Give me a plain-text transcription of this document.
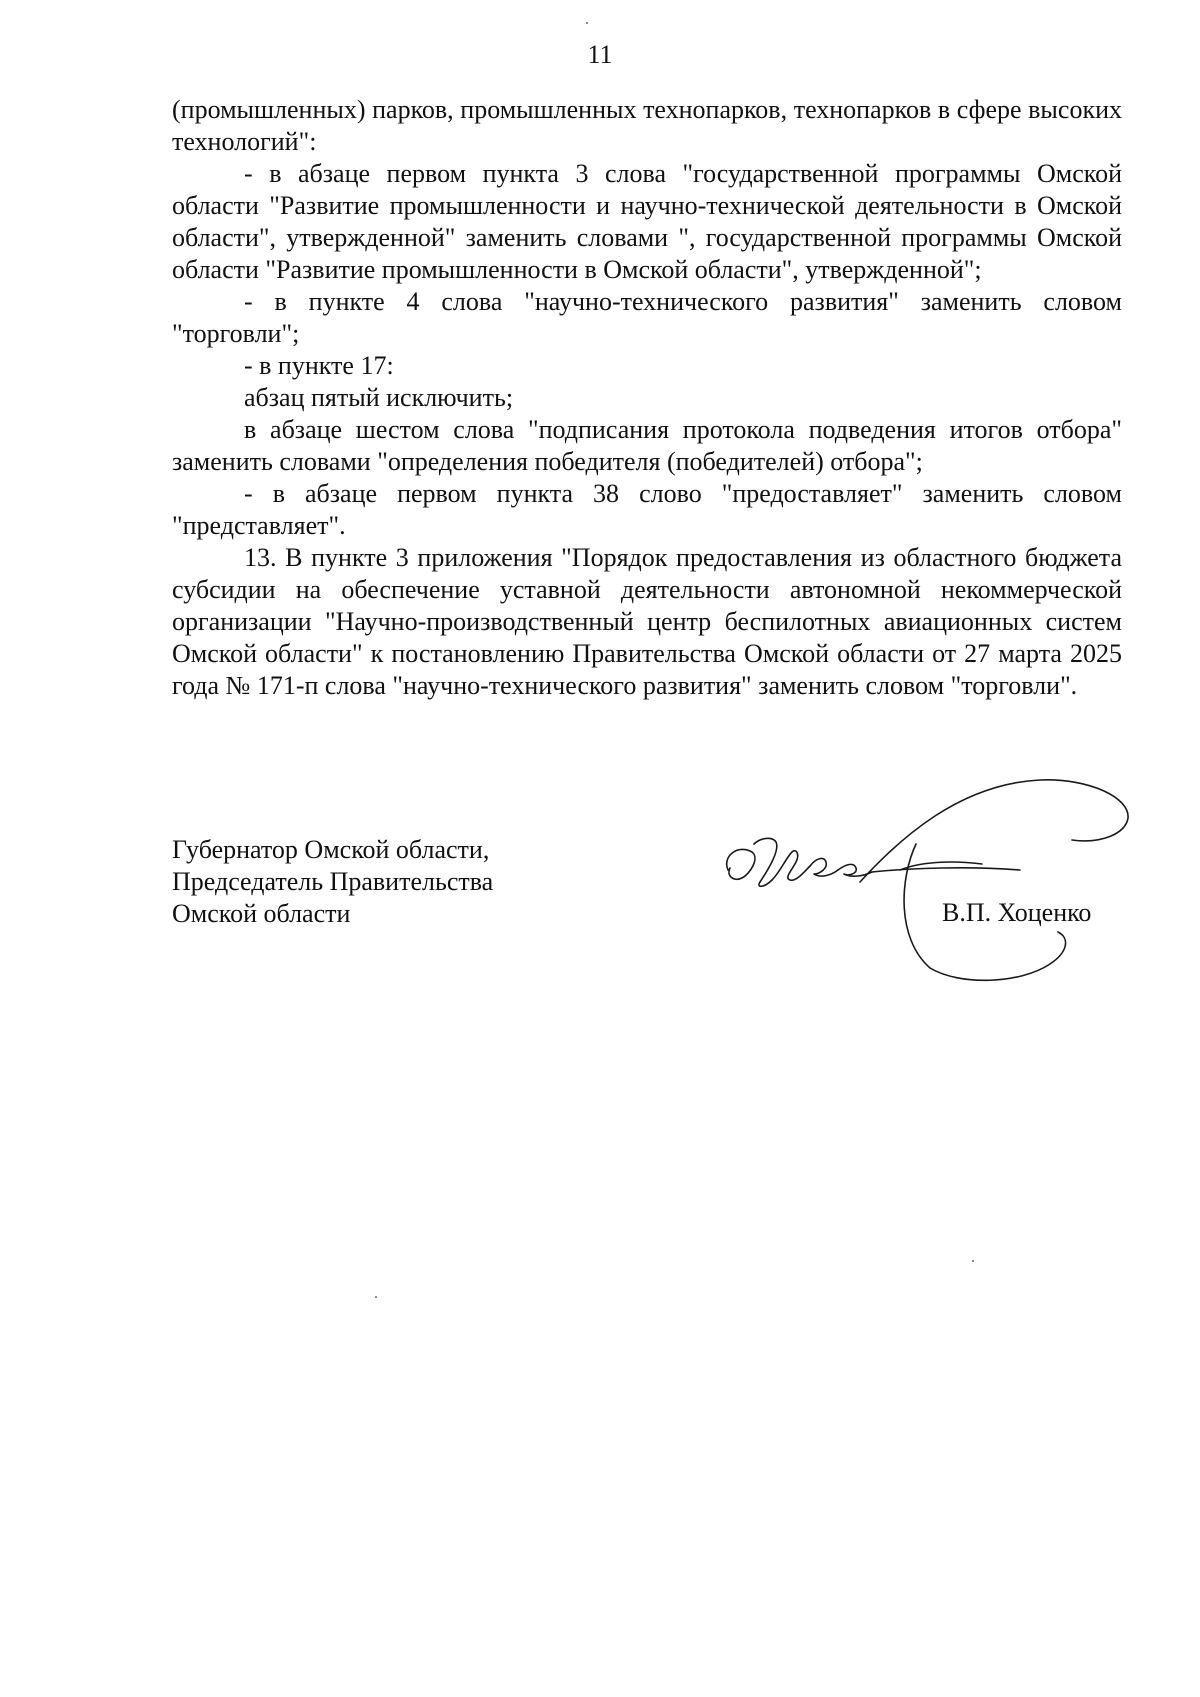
11

(промышленных) парков, промышленных технопарков, технопарков в сфере высоких технологий":

- в абзаце первом пункта 3 слова "государственной программы Омской области "Развитие промышленности и научно-технической деятельности в Омской области", утвержденной" заменить словами ", государственной программы Омской области "Развитие промышленности в Омской области", утвержденной";

- в пункте 4 слова "научно-технического развития" заменить словом "торговли";

- в пункте 17:

абзац пятый исключить;

в абзаце шестом слова "подписания протокола подведения итогов отбора" заменить словами "определения победителя (победителей) отбора";

- в абзаце первом пункта 38 слово "предоставляет" заменить словом "представляет".

13. В пункте 3 приложения "Порядок предоставления из областного бюджета субсидии на обеспечение уставной деятельности автономной некоммерческой организации "Научно-производственный центр беспилотных авиационных систем Омской области" к постановлению Правительства Омской области от 27 марта 2025 года № 171-п слова "научно-технического развития" заменить словом "торговли".

Губернатор Омской области,
Председатель Правительства
Омской области	В.П. Хоценко
